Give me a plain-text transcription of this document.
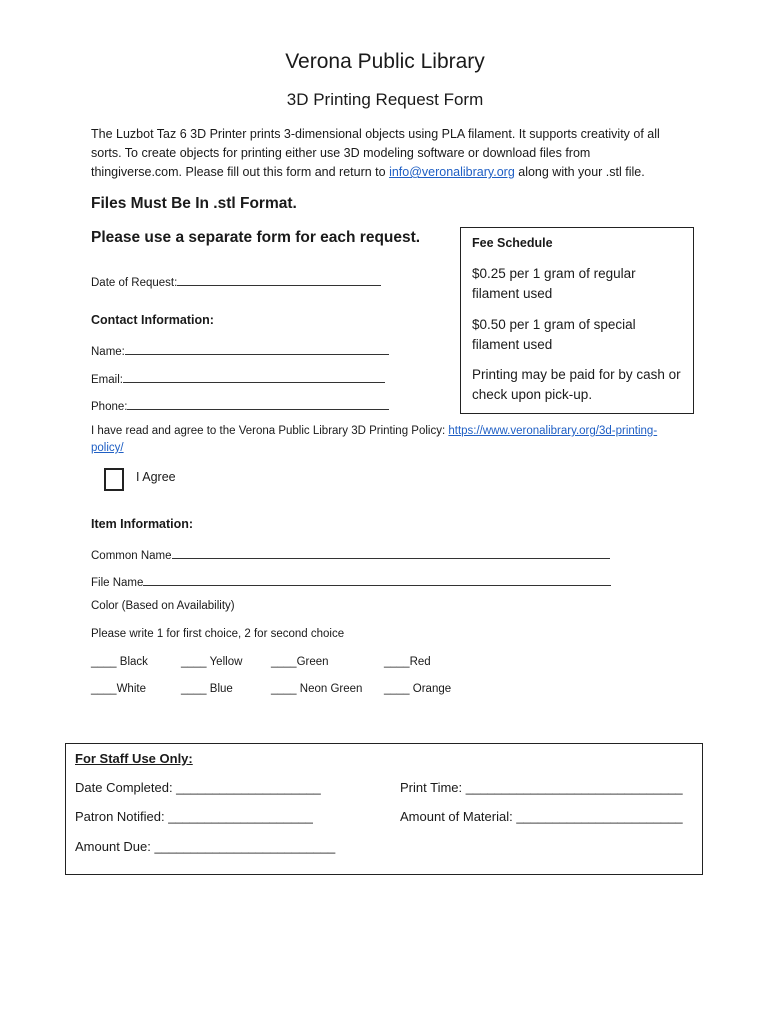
Verona Public Library
3D Printing Request Form
The Luzbot Taz 6 3D Printer prints 3-dimensional objects using PLA filament. It supports creativity of all sorts. To create objects for printing either use 3D modeling software or download files from thingiverse.com. Please fill out this form and return to info@veronalibrary.org along with your .stl file.
Files Must Be In .stl Format.
Please use a separate form for each request.
Date of Request:
Contact Information:
Name:
Email:
Phone:
Fee Schedule
$0.25 per 1 gram of regular filament used
$0.50 per 1 gram of special filament used
Printing may be paid for by cash or check upon pick-up.
I have read and agree to the Verona Public Library 3D Printing Policy: https://www.veronalibrary.org/3d-printing-
policy/
I Agree
Item Information:
Common Name
File Name
Color (Based on Availability)
Please write 1 for first choice, 2 for second choice
____ Black	____ Yellow ____Green	____Red
____White	____ Blue	____ Neon Green ____ Orange
For Staff Use Only:
Date Completed: ____________________	Print Time: ______________________________
Patron Notified: ____________________	Amount of Material: _______________________
Amount Due: _________________________
